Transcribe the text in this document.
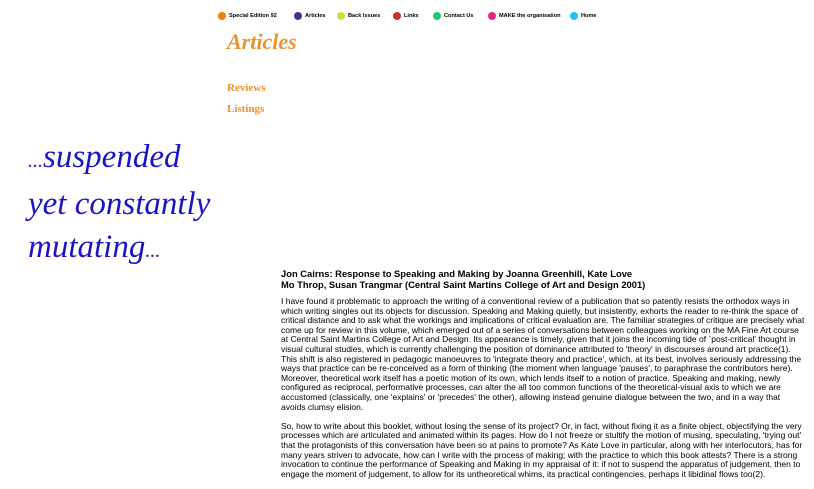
Special Edition 92	Articles	Back Issues	Links	Contact Us	MAKE the organisation	Home
Articles
Reviews
Listings
...suspended
yet constantly
mutating...
Jon Cairns: Response to Speaking and Making by Joanna Greenhill, Kate Love
Mo Throp, Susan Trangmar (Central Saint Martins College of Art and Design 2001)

I have found it problematic to approach the writing of a conventional review of a publication that so patently resists the orthodox ways in which writing singles out its objects for discussion. Speaking and Making quietly, but insistently, exhorts the reader to re-think the space of critical distance and to ask what the workings and implications of critical evaluation are. The familiar strategies of critique are precisely what come up for review in this volume, which emerged out of a series of conversations between colleagues working on the MA Fine Art course at Central Saint Martins College of Art and Design. Its appearance is timely, given that it joins the incoming tide of `post-critical' thought in visual cultural studies, which is currently challenging the position of dominance attributed to 'theory' in discourses around art practice(1). This shift is also registered in pedagogic manoeuvres to 'integrate theory and practice', which, at its best, involves seriously addressing the ways that practice can be re-conceived as a form of thinking (the moment when language 'pauses', to paraphrase the contributors here). Moreover, theoretical work itself has a poetic motion of its own, which lends itself to a notion of practice. Speaking and making, newly configured as reciprocal, performative processes, can alter the all too common functions of the theoretical-visual axis to which we are accustomed (classically, one 'explains' or 'precedes' the other), allowing instead genuine dialogue between the two, and in a way that avoids clumsy elision.

So, how to write about this booklet, without losing the sense of its project? Or, in fact, without fixing it as a finite object, objectifying the very processes which are articulated and animated within its pages. How do I not freeze or stultify the motion of musing, speculating, 'trying out' that the protagonists of this conversation have been so at pains to promote? As Kate Love in particular, along with her interlocutors, has for many years striven to advocate, how can I write with the process of making; with the practice to which this book attests? There is a strong invocation to continue the performance of Speaking and Making in my appraisal of it: if not to suspend the apparatus of judgement, then to engage the moment of judgement, to allow for its untheoretical whims, its practical contingencies, perhaps it libidinal flows too(2).
